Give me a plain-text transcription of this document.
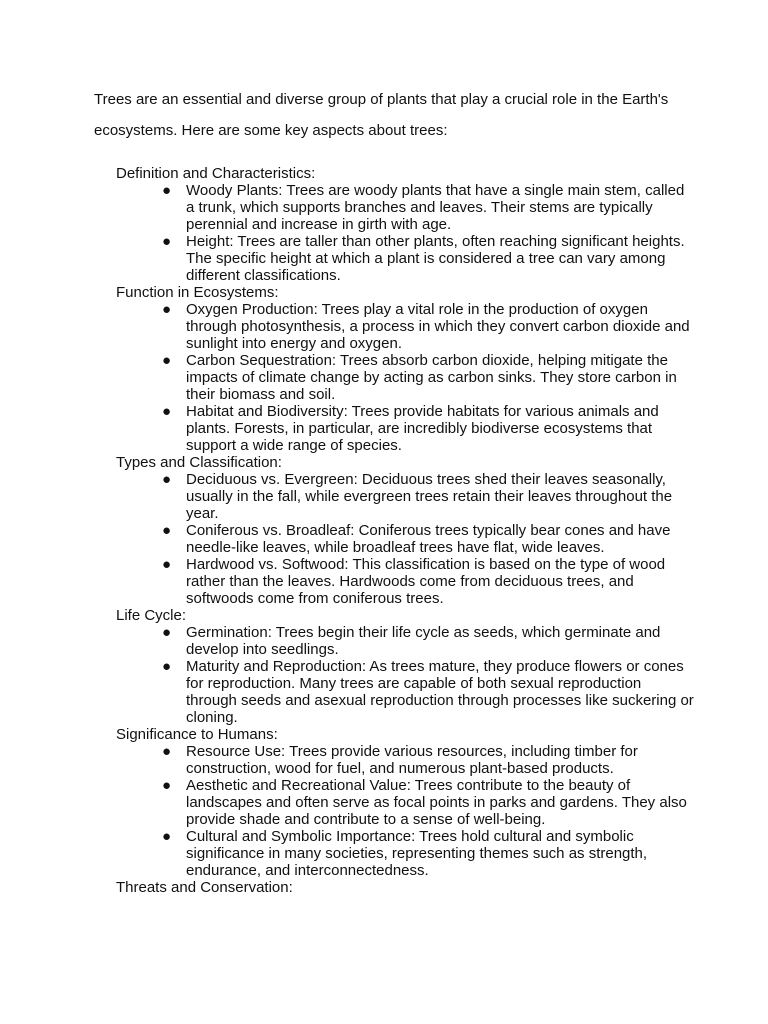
Trees are an essential and diverse group of plants that play a crucial role in the Earth's ecosystems. Here are some key aspects about trees:

Definition and Characteristics:
● Woody Plants: Trees are woody plants that have a single main stem, called a trunk, which supports branches and leaves. Their stems are typically perennial and increase in girth with age.
● Height: Trees are taller than other plants, often reaching significant heights. The specific height at which a plant is considered a tree can vary among different classifications.
Function in Ecosystems:
● Oxygen Production: Trees play a vital role in the production of oxygen through photosynthesis, a process in which they convert carbon dioxide and sunlight into energy and oxygen.
● Carbon Sequestration: Trees absorb carbon dioxide, helping mitigate the impacts of climate change by acting as carbon sinks. They store carbon in their biomass and soil.
● Habitat and Biodiversity: Trees provide habitats for various animals and plants. Forests, in particular, are incredibly biodiverse ecosystems that support a wide range of species.
Types and Classification:
● Deciduous vs. Evergreen: Deciduous trees shed their leaves seasonally, usually in the fall, while evergreen trees retain their leaves throughout the year.
● Coniferous vs. Broadleaf: Coniferous trees typically bear cones and have needle-like leaves, while broadleaf trees have flat, wide leaves.
● Hardwood vs. Softwood: This classification is based on the type of wood rather than the leaves. Hardwoods come from deciduous trees, and softwoods come from coniferous trees.
Life Cycle:
● Germination: Trees begin their life cycle as seeds, which germinate and develop into seedlings.
● Maturity and Reproduction: As trees mature, they produce flowers or cones for reproduction. Many trees are capable of both sexual reproduction through seeds and asexual reproduction through processes like suckering or cloning.
Significance to Humans:
● Resource Use: Trees provide various resources, including timber for construction, wood for fuel, and numerous plant-based products.
● Aesthetic and Recreational Value: Trees contribute to the beauty of landscapes and often serve as focal points in parks and gardens. They also provide shade and contribute to a sense of well-being.
● Cultural and Symbolic Importance: Trees hold cultural and symbolic significance in many societies, representing themes such as strength, endurance, and interconnectedness.
Threats and Conservation:
